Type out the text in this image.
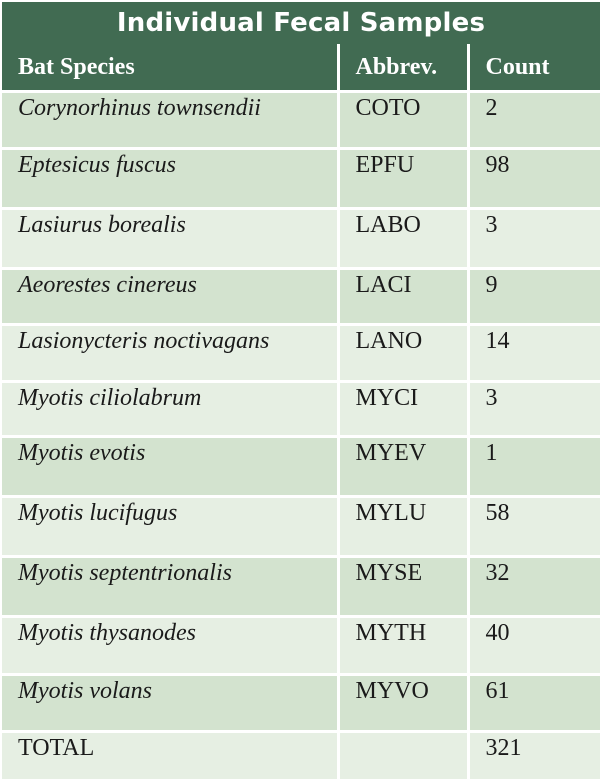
Individual Fecal Samples
Bat Species	Abbrev.	Count
Corynorhinus townsendii	COTO	2
Eptesicus fuscus	EPFU	98
Lasiurus borealis	LABO	3
Aeorestes cinereus	LACI	9
Lasionycteris noctivagans	LANO	14
Myotis ciliolabrum	MYCI	3
Myotis evotis	MYEV	1
Myotis lucifugus	MYLU	58
Myotis septentrionalis	MYSE	32
Myotis thysanodes	MYTH	40
Myotis volans	MYVO	61
TOTAL		321
